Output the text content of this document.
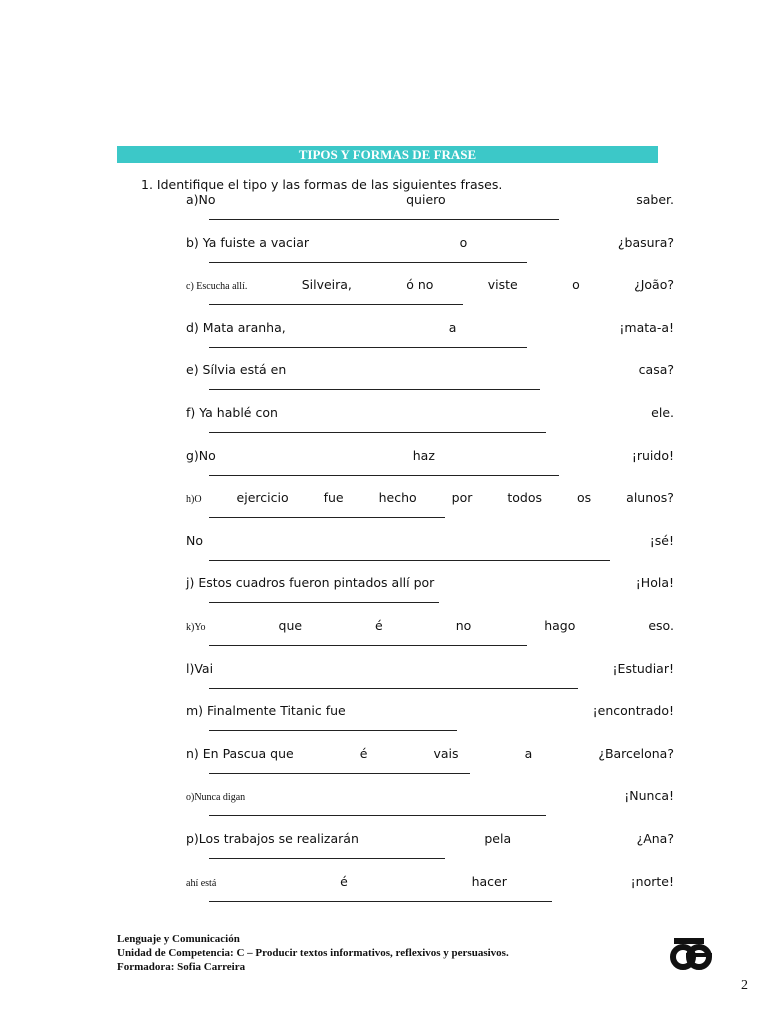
TIPOS Y FORMAS DE FRASE
1. Identifique el tipo y las formas de las siguientes frases.
a)No	quiero	saber.
b) Ya fuiste a vaciar	o	¿basura?
c) Escucha allí.	Silveira,	ó no	viste	o	¿João?
d) Mata aranha,	a	¡mata-a!
e) Sílvia está en	casa?
f) Ya hablé con	ele.
g)No	haz	¡ruido!
h)O	ejercicio	fue	hecho	por	todos	os	alunos?
No	¡sé!
j) Estos cuadros fueron pintados allí por	¡Hola!
k)Yo	que	é	no	hago	eso.
l)Vai	¡Estudiar!
m) Finalmente Titanic fue	¡encontrado!
n) En Pascua que	é	vais	a	¿Barcelona?
o)Nunca digan	¡Nunca!
p)Los trabajos se realizarán	pela	¿Ana?
ahí está	é	hacer	¡norte!
Lenguaje y Comunicación
Unidad de Competencia: C – Producir textos informativos, reflexivos y persuasivos.
Formadora: Sofia Carreira
2
